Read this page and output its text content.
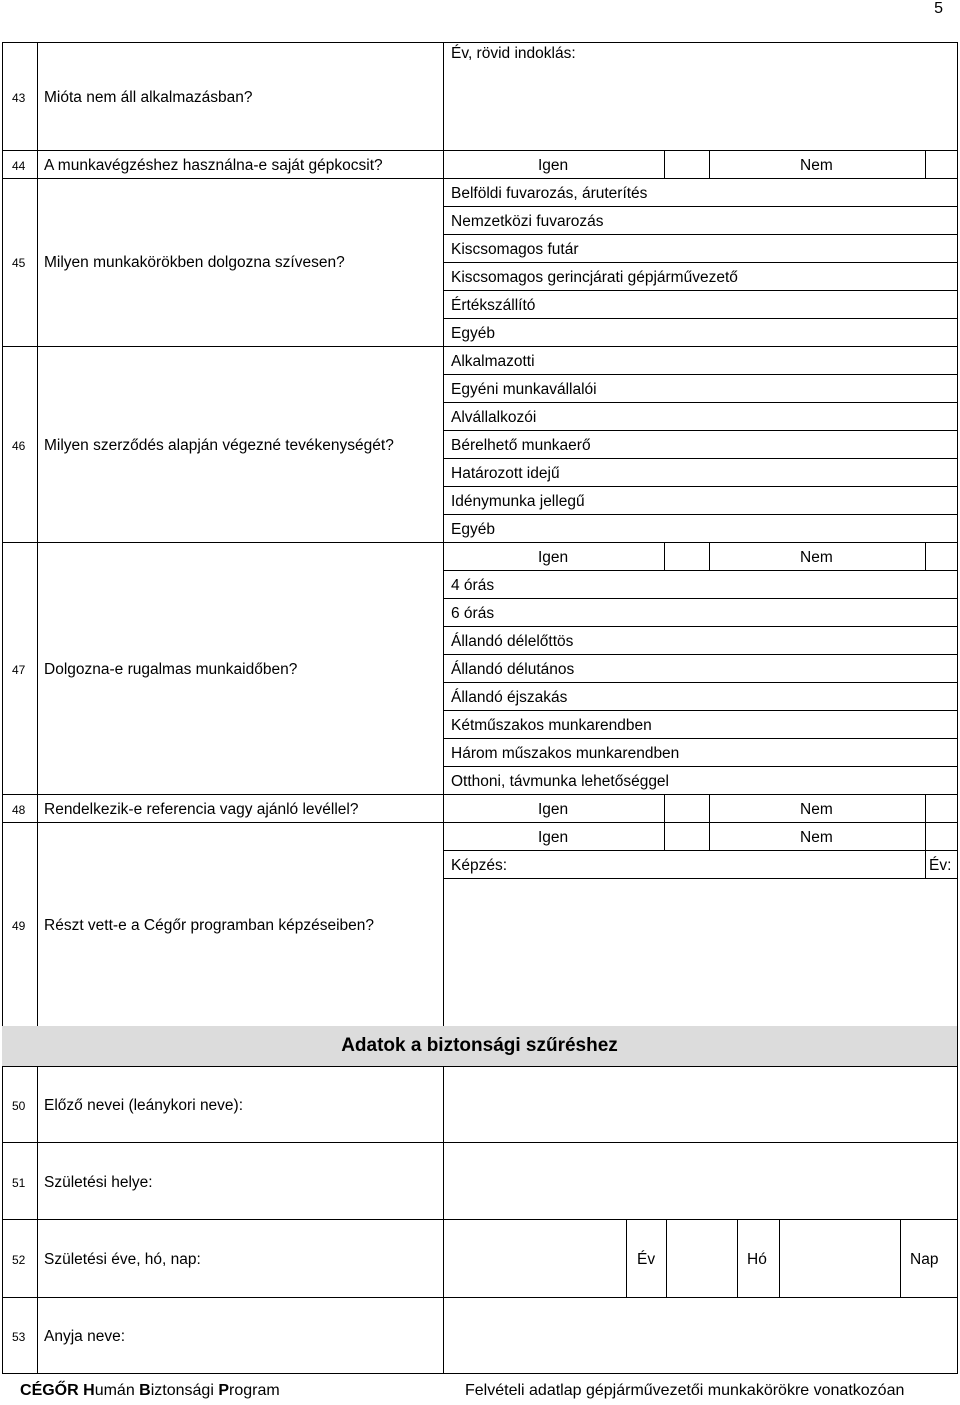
5
43 Mióta nem áll alkalmazásban?
Év, rövid indoklás:
44 A munkavégzéshez használna-e saját gépkocsit?	Igen	Nem
45 Milyen munkakörökben dolgozna szívesen?
Belföldi fuvarozás, áruterítés
Nemzetközi fuvarozás
Kiscsomagos futár
Kiscsomagos gerincjárati gépjárművezető
Értékszállító
Egyéb
46 Milyen szerződés alapján végezné tevékenységét?
Alkalmazotti
Egyéni munkavállalói
Alvállalkozói
Bérelhető munkaerő
Határozott idejű
Idénymunka jellegű
Egyéb
47 Dolgozna-e rugalmas munkaidőben?
Igen	Nem
4 órás
6 órás
Állandó délelőttös
Állandó délutános
Állandó éjszakás
Kétműszakos munkarendben
Három műszakos munkarendben
Otthoni, távmunka lehetőséggel
48 Rendelkezik-e referencia vagy ajánló levéllel?	Igen	Nem
49 Részt vett-e a Cégőr programban képzéseiben?
Igen	Nem
Képzés:	Év:
Adatok a biztonsági szűréshez
50 Előző nevei (leánykori neve):
51 Születési helye:
52 Születési éve, hó, nap:	Év	Hó	Nap
53 Anyja neve:
CÉGŐR Humán Biztonsági Program	Felvételi adatlap gépjárművezetői munkakörökre vonatkozóan
